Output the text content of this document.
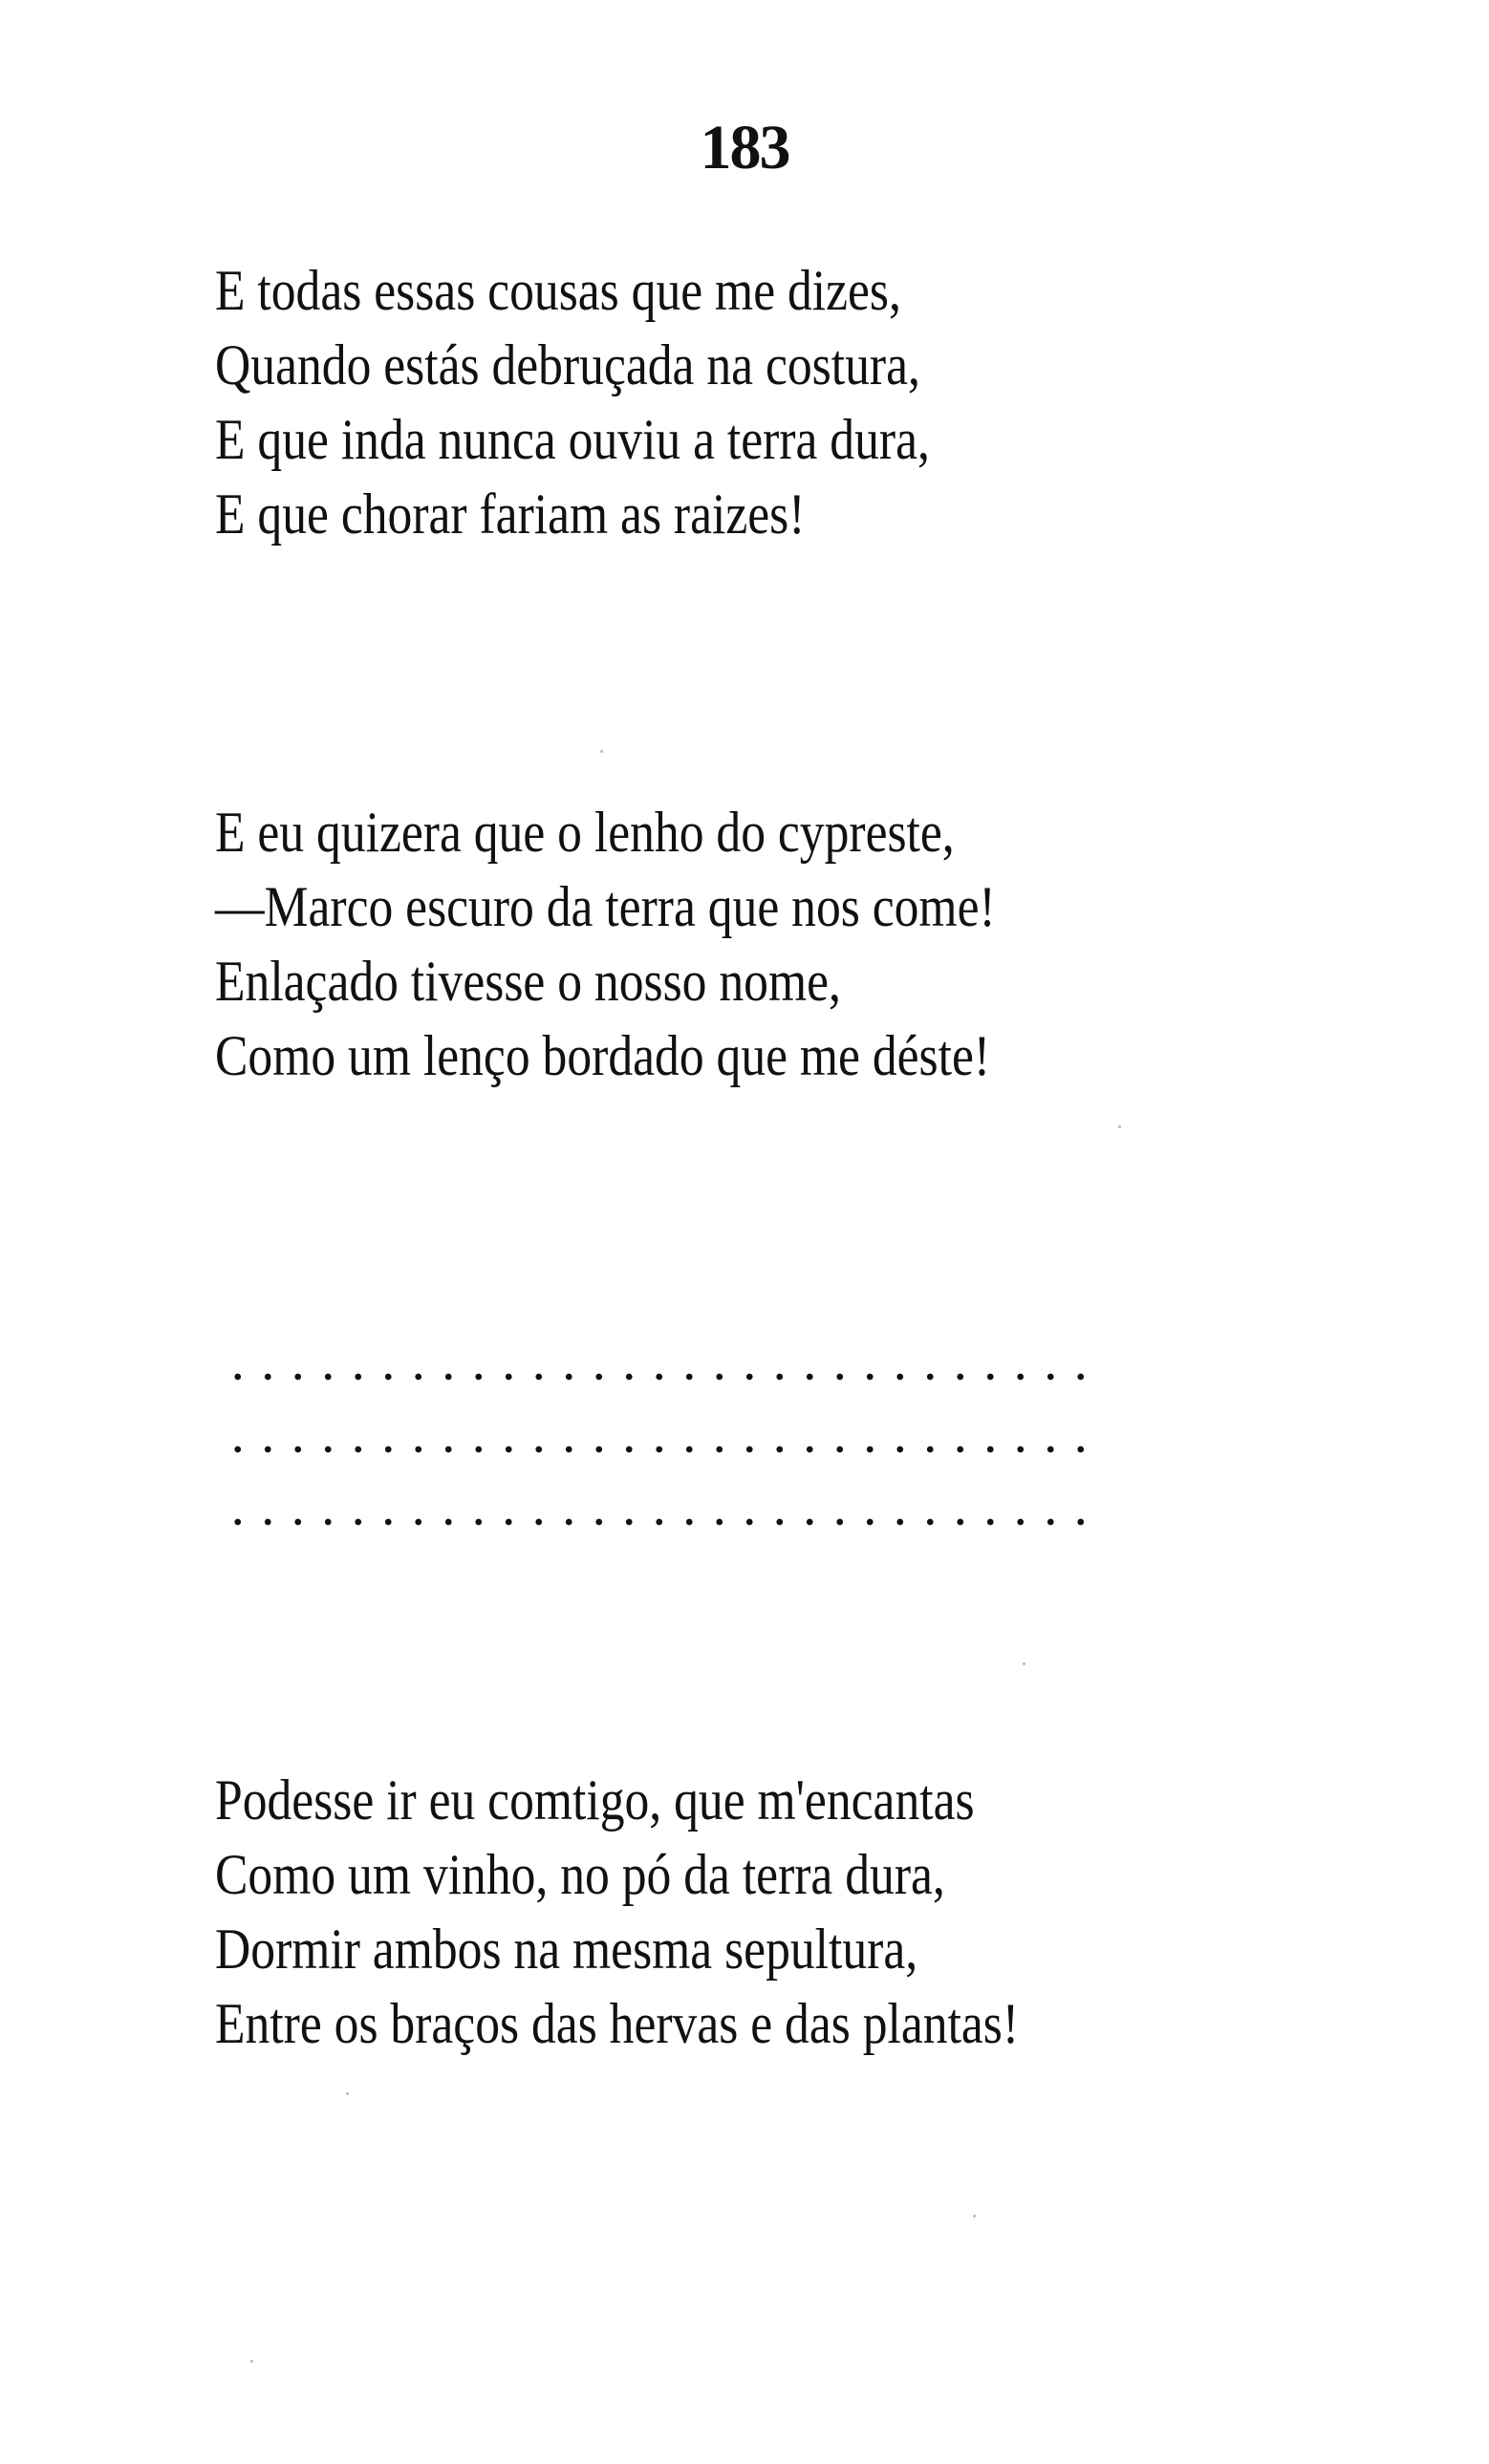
183
E todas essas cousas que me dizes,
Quando estás debruçada na costura,
E que inda nunca ouviu a terra dura,
E que chorar fariam as raizes!
E eu quizera que o lenho do cypreste,
—Marco escuro da terra que nos come!
Enlaçado tivesse o nosso nome,
Como um lenço bordado que me déste!
Podesse ir eu comtigo, que m'encantas
Como um vinho, no pó da terra dura,
Dormir ambos na mesma sepultura,
Entre os braços das hervas e das plantas!
